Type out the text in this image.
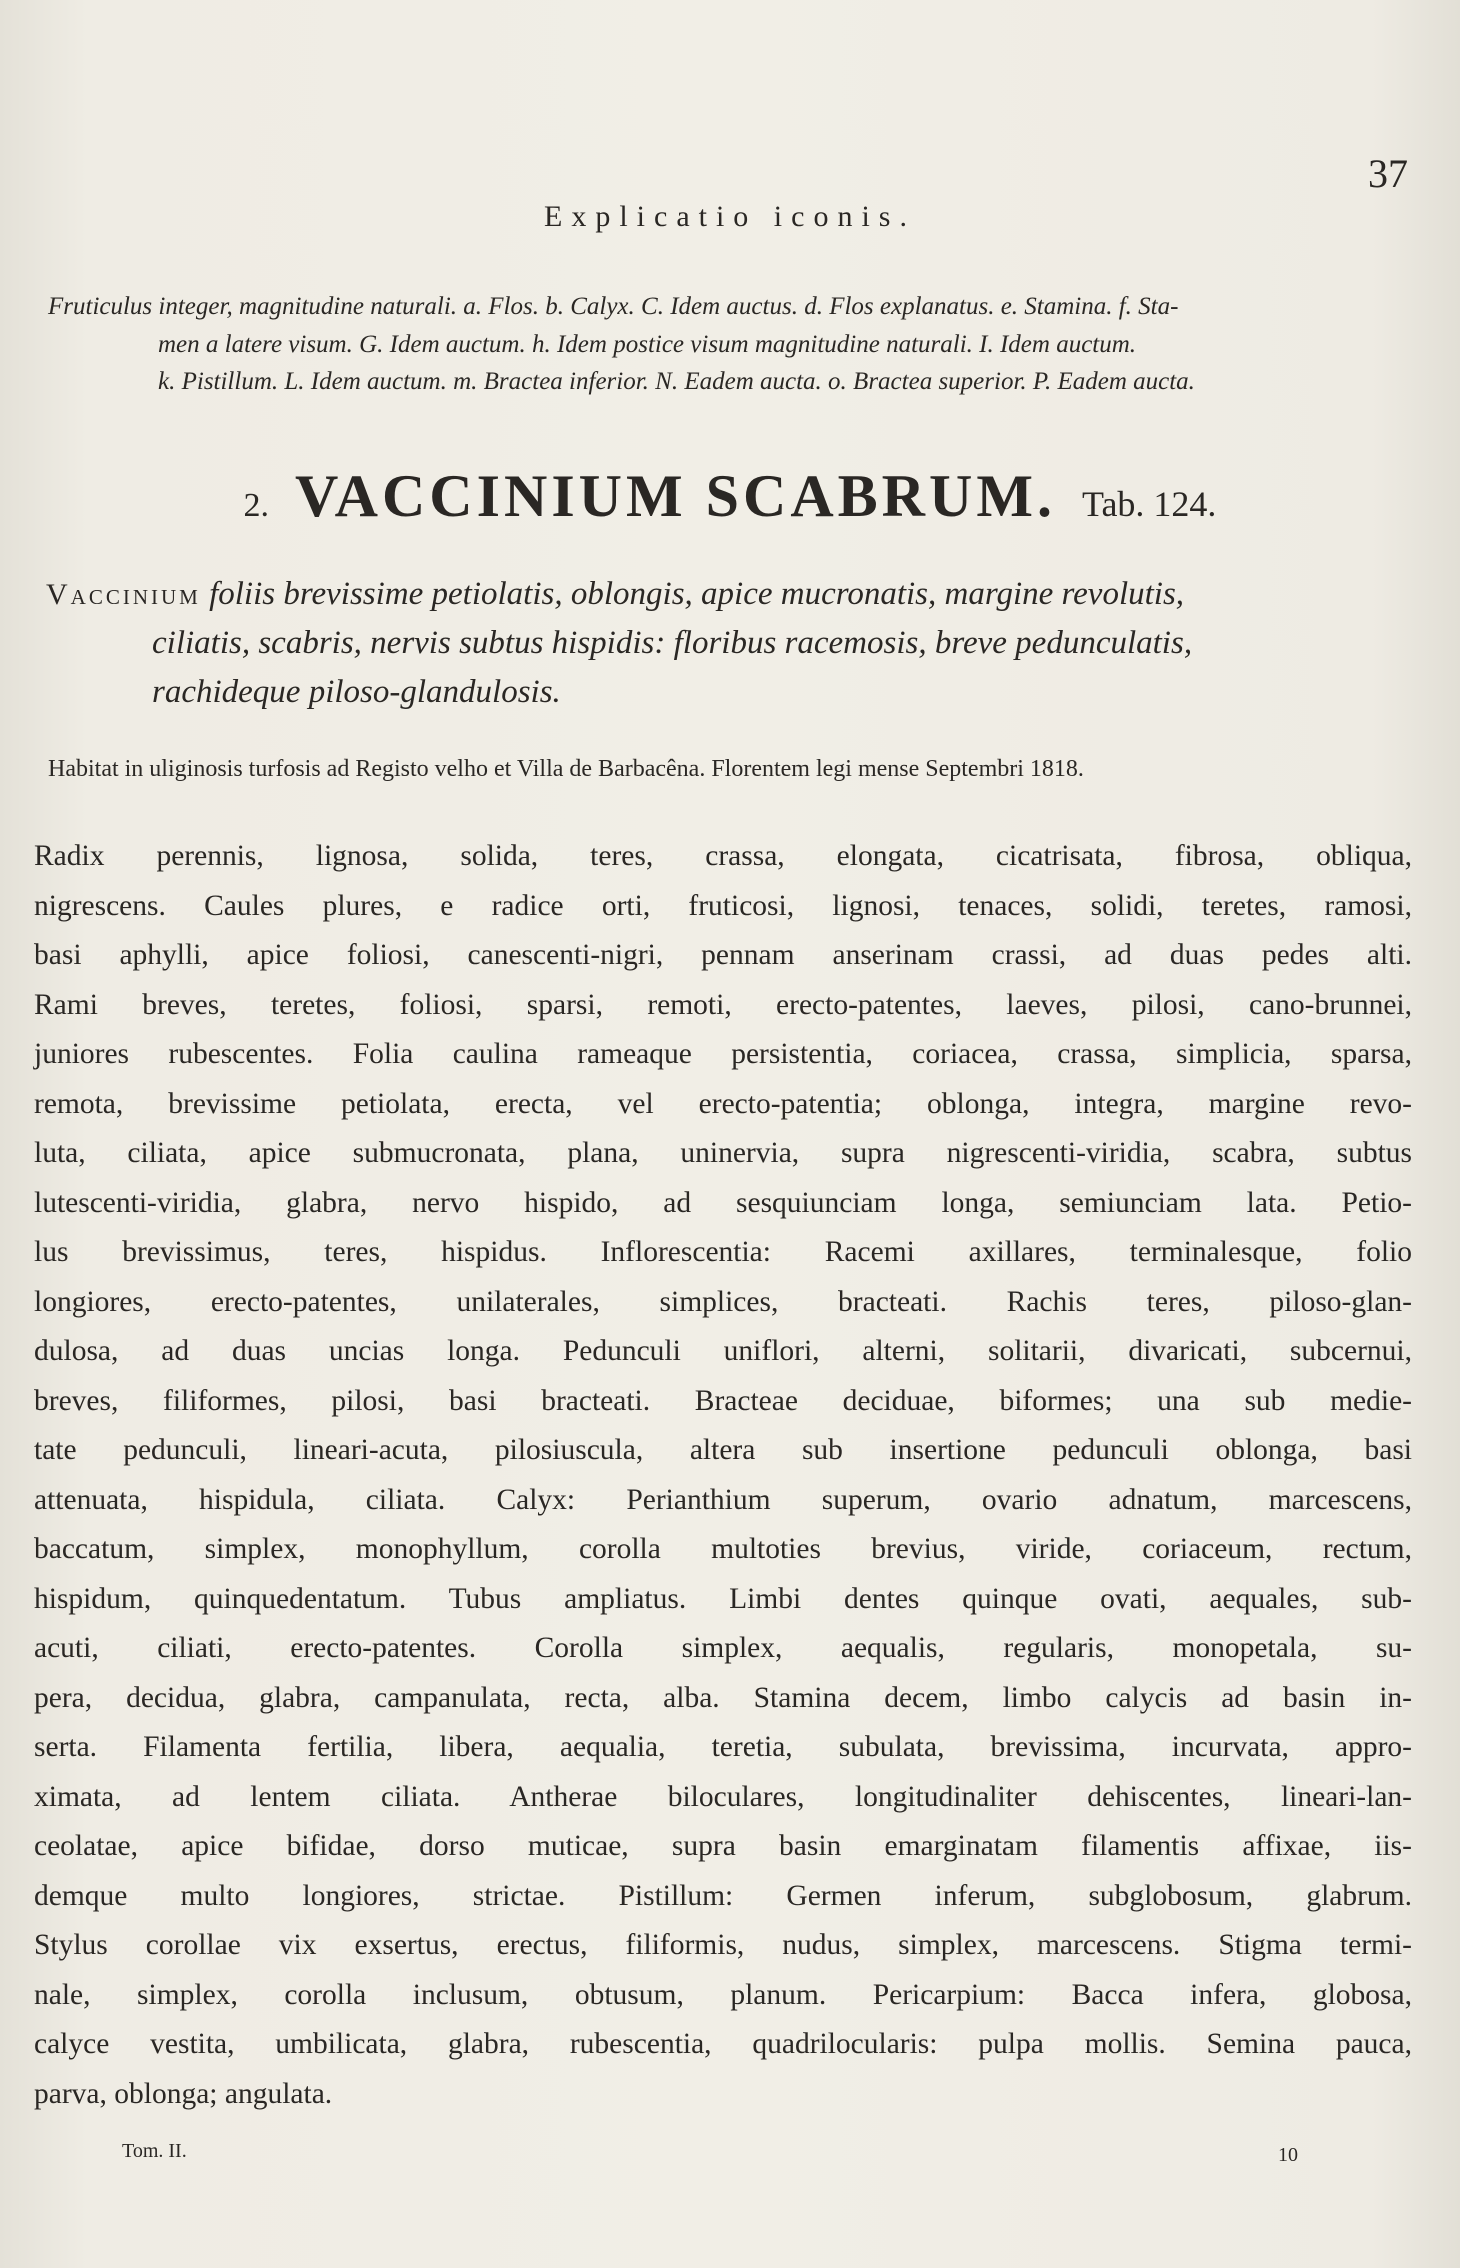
37
Explicatio iconis.

Fruticulus integer, magnitudine naturali. a. Flos. b. Calyx. C. Idem auctus. d. Flos explanatus. e. Stamina. f. Sta-

men a latere visum. G. Idem auctum. h. Idem postice visum magnitudine naturali. I. Idem auctum.

k. Pistillum. L. Idem auctum. m. Bractea inferior. N. Eadem aucta. o. Bractea superior. P. Eadem aucta.

2. VACCINIUM SCABRUM. Tab. 124.

Vaccinium foliis brevissime petiolatis, oblongis, apice mucronatis, margine revolutis,

ciliatis, scabris, nervis subtus hispidis: floribus racemosis, breve pedunculatis,

rachideque piloso-glandulosis.

Habitat in uliginosis turfosis ad Registo velho et Villa de Barbacêna. Florentem legi mense Septembri 1818.

Radix perennis, lignosa, solida, teres, crassa, elongata, cicatrisata, fibrosa, obliqua,

nigrescens. Caules plures, e radice orti, fruticosi, lignosi, tenaces, solidi, teretes, ramosi,

basi aphylli, apice foliosi, canescenti-nigri, pennam anserinam crassi, ad duas pedes alti.

Rami breves, teretes, foliosi, sparsi, remoti, erecto-patentes, laeves, pilosi, cano-brunnei,

juniores rubescentes. Folia caulina rameaque persistentia, coriacea, crassa, simplicia, sparsa,

remota, brevissime petiolata, erecta, vel erecto-patentia; oblonga, integra, margine revo-

luta, ciliata, apice submucronata, plana, uninervia, supra nigrescenti-viridia, scabra, subtus

lutescenti-viridia, glabra, nervo hispido, ad sesquiunciam longa, semiunciam lata. Petio-

lus brevissimus, teres, hispidus. Inflorescentia: Racemi axillares, terminalesque, folio

longiores, erecto-patentes, unilaterales, simplices, bracteati. Rachis teres, piloso-glan-

dulosa, ad duas uncias longa. Pedunculi uniflori, alterni, solitarii, divaricati, subcernui,

breves, filiformes, pilosi, basi bracteati. Bracteae deciduae, biformes; una sub medie-

tate pedunculi, lineari-acuta, pilosiuscula, altera sub insertione pedunculi oblonga, basi

attenuata, hispidula, ciliata. Calyx: Perianthium superum, ovario adnatum, marcescens,

baccatum, simplex, monophyllum, corolla multoties brevius, viride, coriaceum, rectum,

hispidum, quinquedentatum. Tubus ampliatus. Limbi dentes quinque ovati, aequales, sub-

acuti, ciliati, erecto-patentes. Corolla simplex, aequalis, regularis, monopetala, su-

pera, decidua, glabra, campanulata, recta, alba. Stamina decem, limbo calycis ad basin in-

serta. Filamenta fertilia, libera, aequalia, teretia, subulata, brevissima, incurvata, appro-

ximata, ad lentem ciliata. Antherae biloculares, longitudinaliter dehiscentes, lineari-lan-

ceolatae, apice bifidae, dorso muticae, supra basin emarginatam filamentis affixae, iis-

demque multo longiores, strictae. Pistillum: Germen inferum, subglobosum, glabrum.

Stylus corollae vix exsertus, erectus, filiformis, nudus, simplex, marcescens. Stigma termi-

nale, simplex, corolla inclusum, obtusum, planum. Pericarpium: Bacca infera, globosa,

calyce vestita, umbilicata, glabra, rubescentia, quadrilocularis: pulpa mollis. Semina pauca,

parva, oblonga; angulata.

Tom. II.	10
